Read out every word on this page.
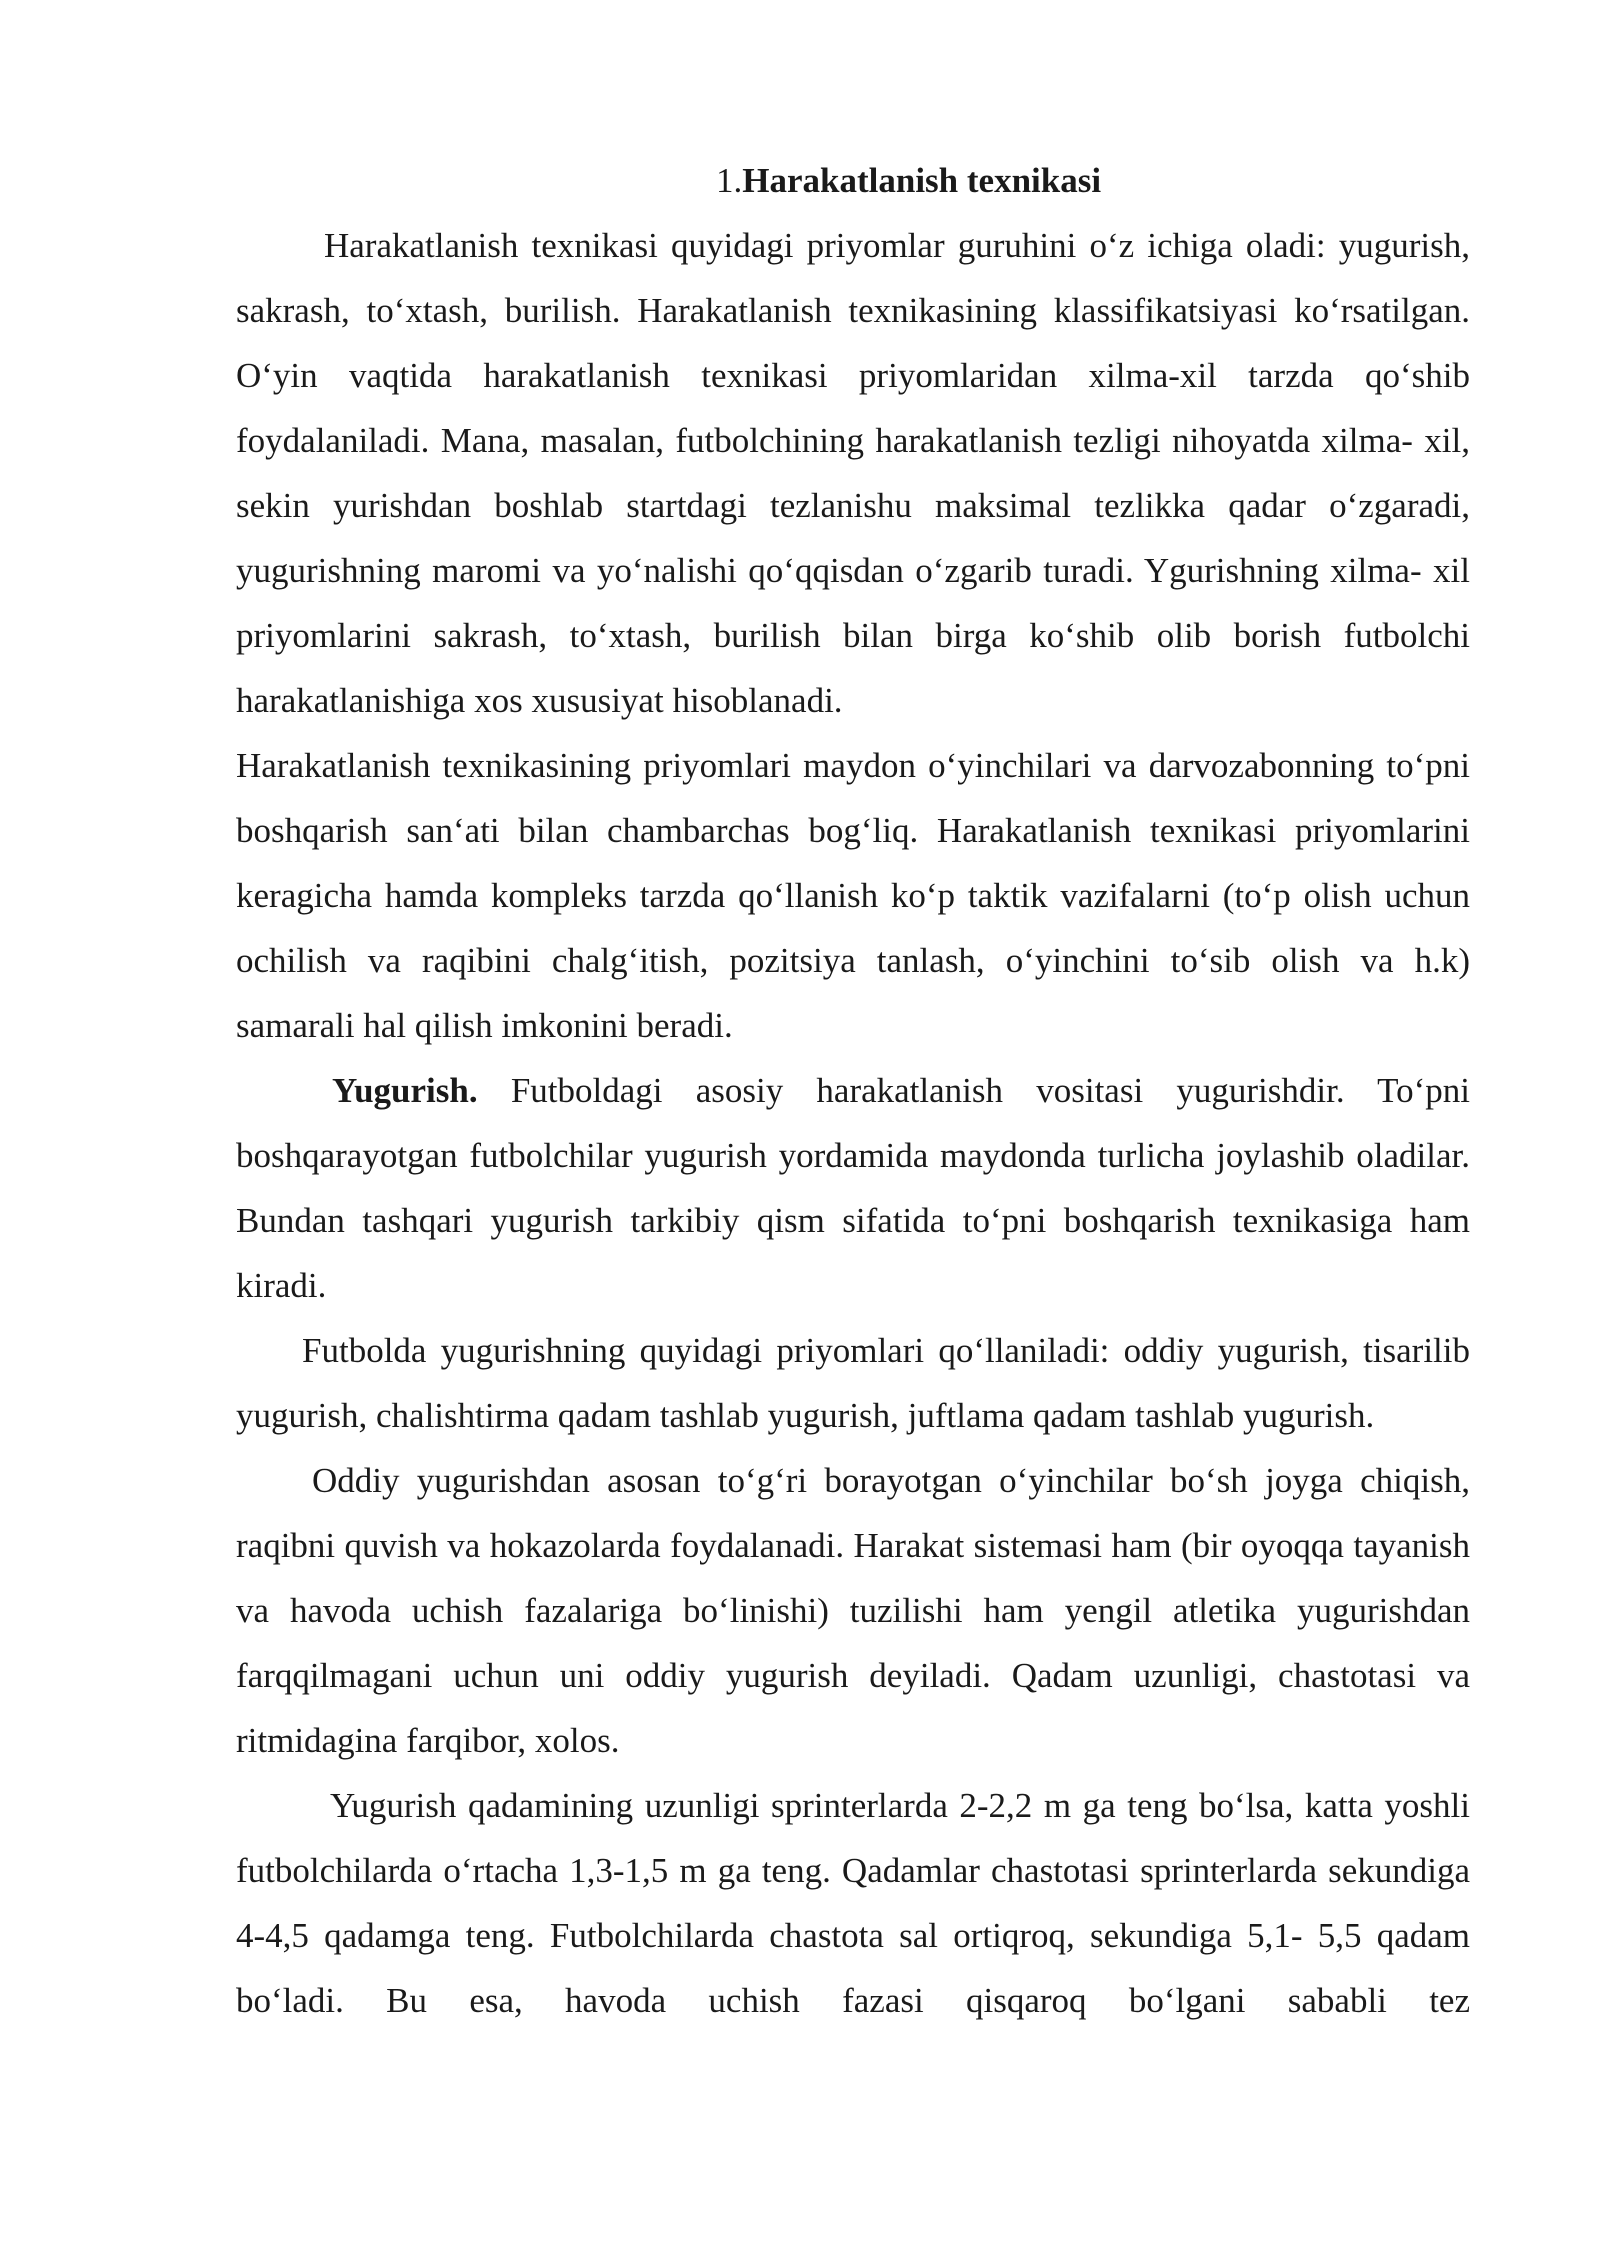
1.Harakatlanish texnikasi

Harakatlanish texnikasi quyidagi priyomlar guruhini o‘z ichiga oladi: yugurish, sakrash, to‘xtash, burilish. Harakatlanish texnikasining klassifikatsiyasi ko‘rsatilgan. O‘yin vaqtida harakatlanish texnikasi priyomlaridan xilma-xil tarzda qo‘shib foydalaniladi. Mana, masalan, futbolchining harakatlanish tezligi nihoyatda xilma- xil, sekin yurishdan boshlab startdagi tezlanishu maksimal tezlikka qadar o‘zgaradi, yugurishning maromi va yo‘nalishi qo‘qqisdan o‘zgarib turadi. Ygurishning xilma- xil priyomlarini sakrash, to‘xtash, burilish bilan birga ko‘shib olib borish futbolchi harakatlanishiga xos xususiyat hisoblanadi.

Harakatlanish texnikasining priyomlari maydon o‘yinchilari va darvozabonning to‘pni boshqarish san‘ati bilan chambarchas bog‘liq. Harakatlanish texnikasi priyomlarini keragicha hamda kompleks tarzda qo‘llanish ko‘p taktik vazifalarni (to‘p olish uchun ochilish va raqibini chalg‘itish, pozitsiya tanlash, o‘yinchini to‘sib olish va h.k) samarali hal qilish imkonini beradi.

Yugurish. Futboldagi asosiy harakatlanish vositasi yugurishdir. To‘pni boshqarayotgan futbolchilar yugurish yordamida maydonda turlicha joylashib oladilar. Bundan tashqari yugurish tarkibiy qism sifatida to‘pni boshqarish texnikasiga ham kiradi.

Futbolda yugurishning quyidagi priyomlari qo‘llaniladi: oddiy yugurish, tisarilib yugurish, chalishtirma qadam tashlab yugurish, juftlama qadam tashlab yugurish.

Oddiy yugurishdan asosan to‘g‘ri borayotgan o‘yinchilar bo‘sh joyga chiqish, raqibni quvish va hokazolarda foydalanadi. Harakat sistemasi ham (bir oyoqqa tayanish va havoda uchish fazalariga bo‘linishi) tuzilishi ham yengil atletika yugurishdan farqqilmagani uchun uni oddiy yugurish deyiladi. Qadam uzunligi, chastotasi va ritmidagina farqibor, xolos.

Yugurish qadamining uzunligi sprinterlarda 2-2,2 m ga teng bo‘lsa, katta yoshli futbolchilarda o‘rtacha 1,3-1,5 m ga teng. Qadamlar chastotasi sprinterlarda sekundiga 4-4,5 qadamga teng. Futbolchilarda chastota sal ortiqroq, sekundiga 5,1- 5,5 qadam bo‘ladi. Bu esa, havoda uchish fazasi qisqaroq bo‘lgani sababli tez
